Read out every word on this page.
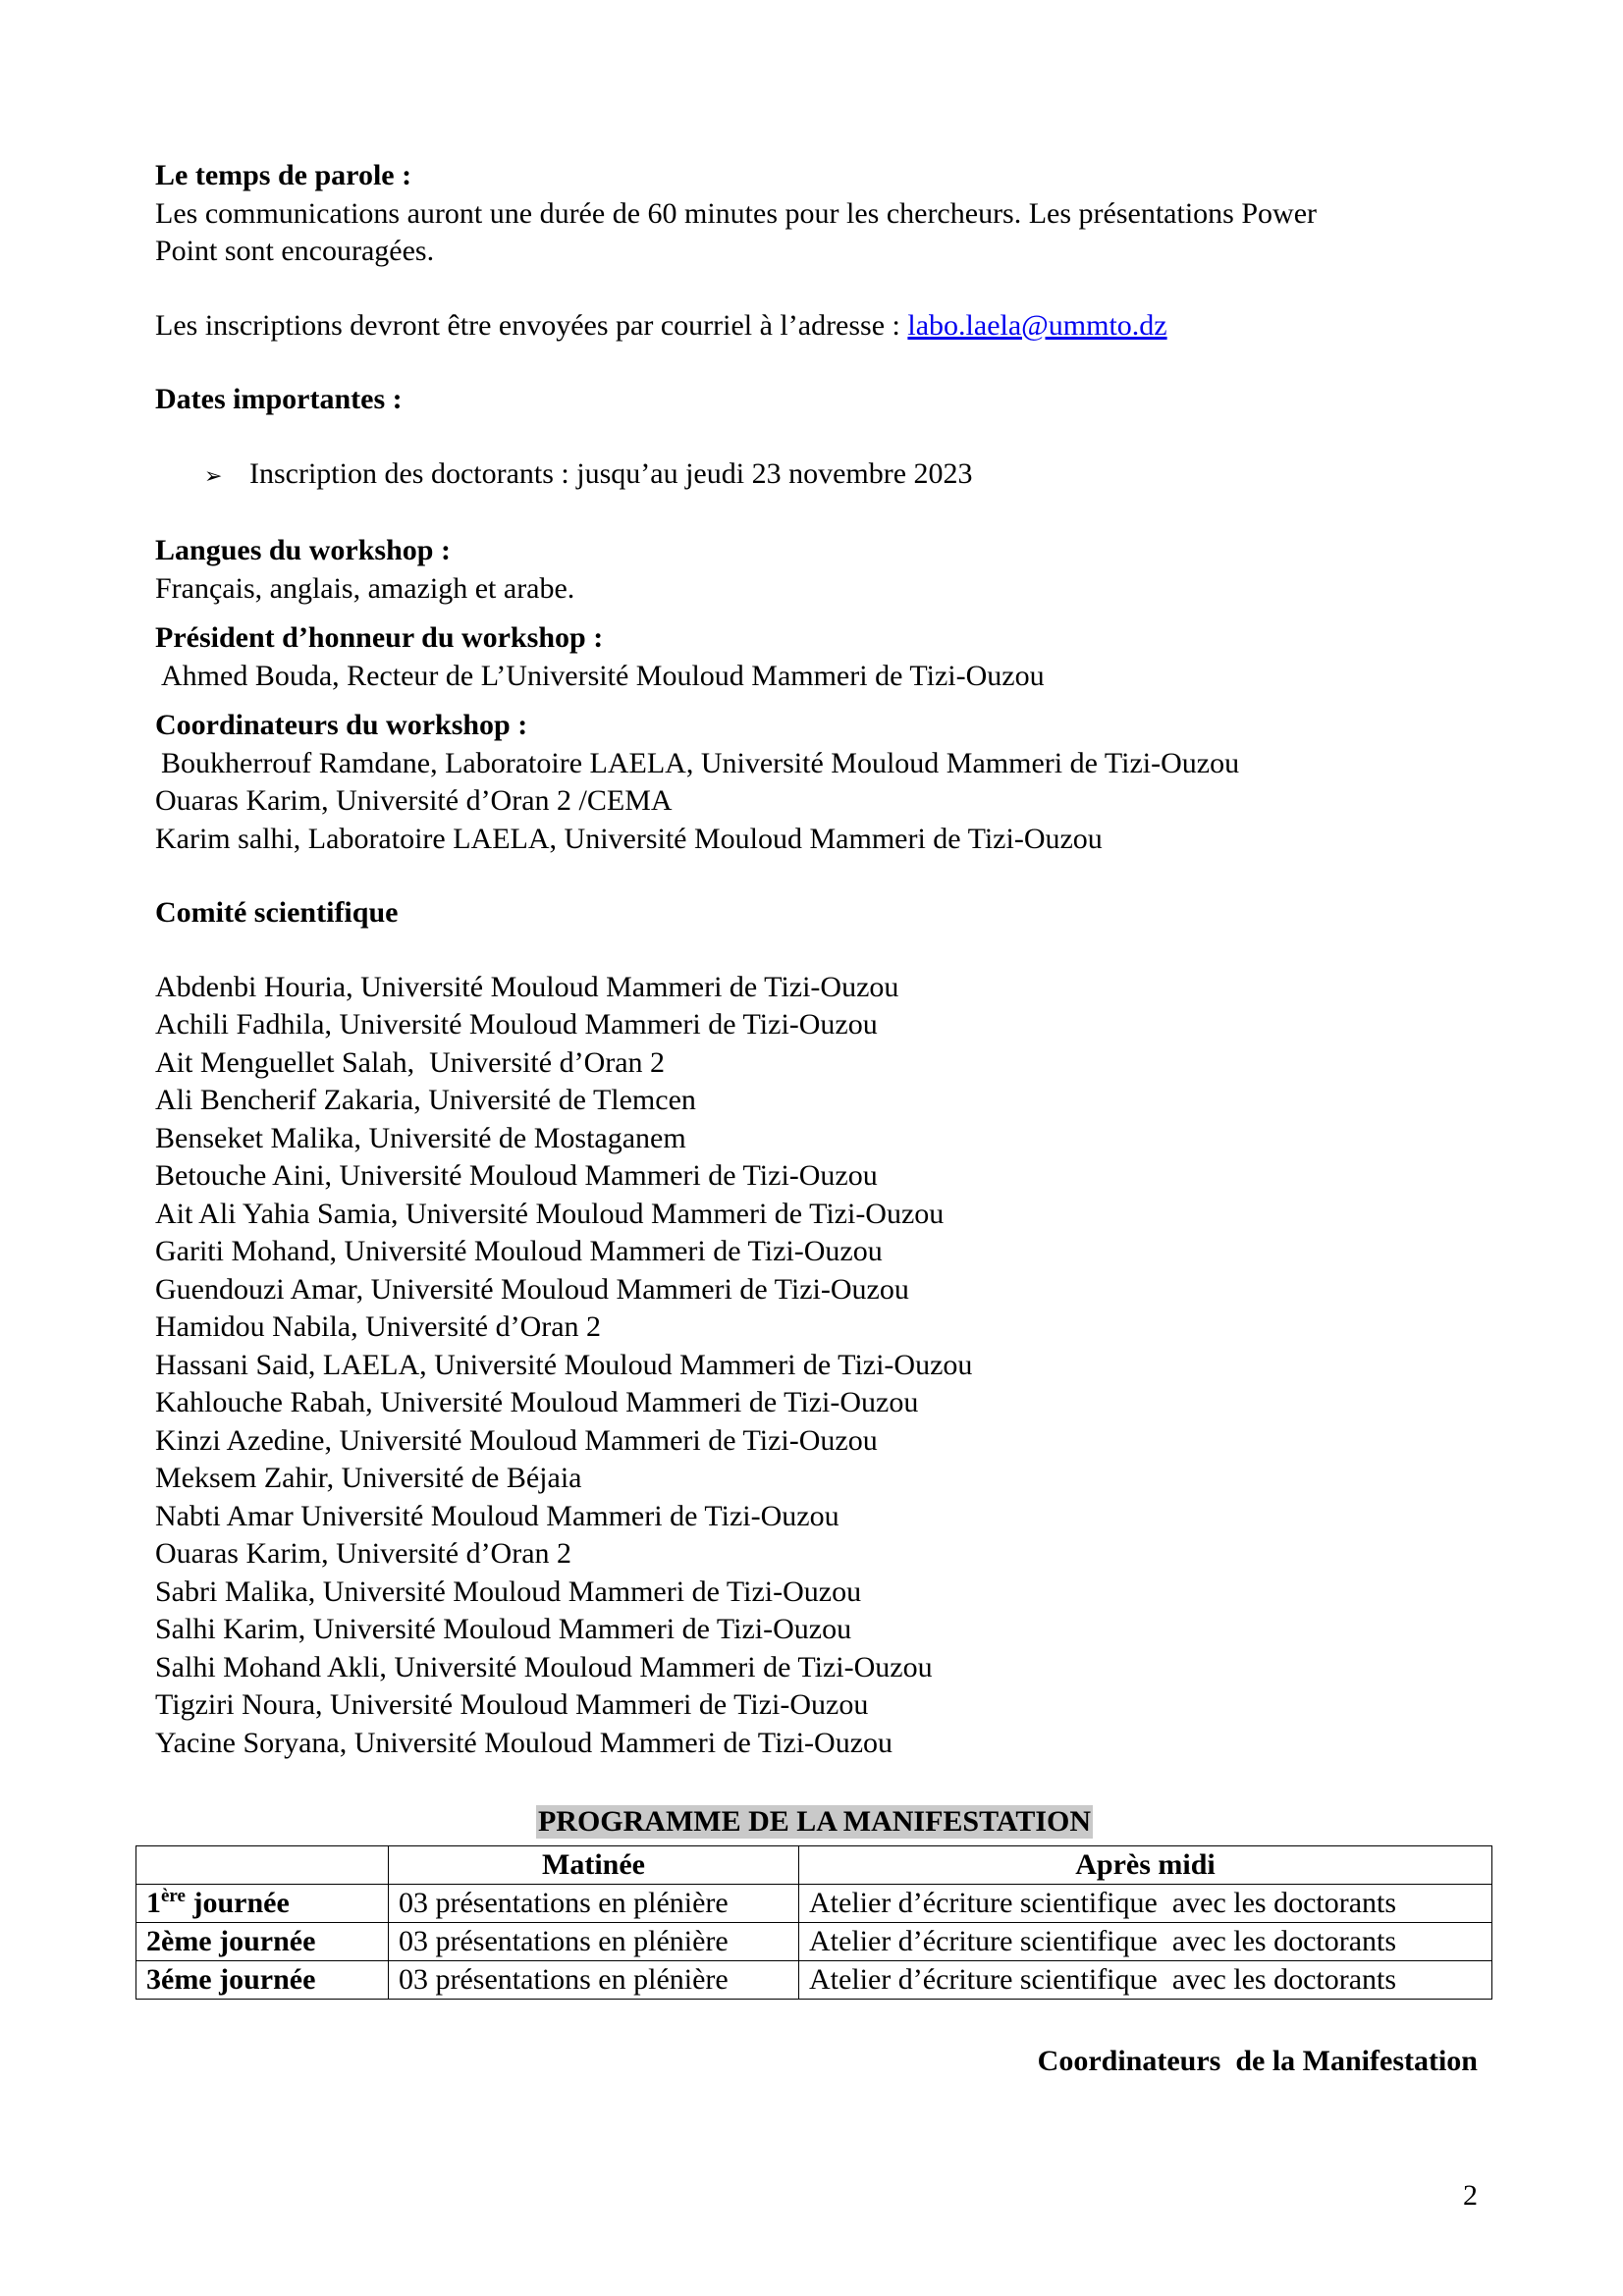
Le temps de parole :

Les communications auront une durée de 60 minutes pour les chercheurs. Les présentations Power

Point sont encouragées.

Les inscriptions devront être envoyées par courriel à l’adresse : labo.laela@ummto.dz

Dates importantes :

➢ Inscription des doctorants : jusqu’au jeudi 23 novembre 2023

Langues du workshop :

Français, anglais, amazigh et arabe.

Président d’honneur du workshop :

Ahmed Bouda, Recteur de L’Université Mouloud Mammeri de Tizi-Ouzou

Coordinateurs du workshop :

Boukherrouf Ramdane, Laboratoire LAELA, Université Mouloud Mammeri de Tizi-Ouzou

Ouaras Karim, Université d’Oran 2 /CEMA

Karim salhi, Laboratoire LAELA, Université Mouloud Mammeri de Tizi-Ouzou

Comité scientifique

Abdenbi Houria, Université Mouloud Mammeri de Tizi-Ouzou

Achili Fadhila, Université Mouloud Mammeri de Tizi-Ouzou

Ait Menguellet Salah,  Université d’Oran 2

Ali Bencherif Zakaria, Université de Tlemcen

Benseket Malika, Université de Mostaganem

Betouche Aini, Université Mouloud Mammeri de Tizi-Ouzou

Ait Ali Yahia Samia, Université Mouloud Mammeri de Tizi-Ouzou

Gariti Mohand, Université Mouloud Mammeri de Tizi-Ouzou

Guendouzi Amar, Université Mouloud Mammeri de Tizi-Ouzou

Hamidou Nabila, Université d’Oran 2

Hassani Said, LAELA, Université Mouloud Mammeri de Tizi-Ouzou

Kahlouche Rabah, Université Mouloud Mammeri de Tizi-Ouzou

Kinzi Azedine, Université Mouloud Mammeri de Tizi-Ouzou

Meksem Zahir, Université de Béjaia

Nabti Amar Université Mouloud Mammeri de Tizi-Ouzou

Ouaras Karim, Université d’Oran 2

Sabri Malika, Université Mouloud Mammeri de Tizi-Ouzou

Salhi Karim, Université Mouloud Mammeri de Tizi-Ouzou

Salhi Mohand Akli, Université Mouloud Mammeri de Tizi-Ouzou

Tigziri Noura, Université Mouloud Mammeri de Tizi-Ouzou

Yacine Soryana, Université Mouloud Mammeri de Tizi-Ouzou

PROGRAMME DE LA MANIFESTATION
	Matinée	Après midi
1ère journée	03 présentations en plénière	Atelier d’écriture scientifique  avec les doctorants
2ème journée	03 présentations en plénière	Atelier d’écriture scientifique  avec les doctorants
3éme journée	03 présentations en plénière	Atelier d’écriture scientifique  avec les doctorants
Coordinateurs  de la Manifestation
2
